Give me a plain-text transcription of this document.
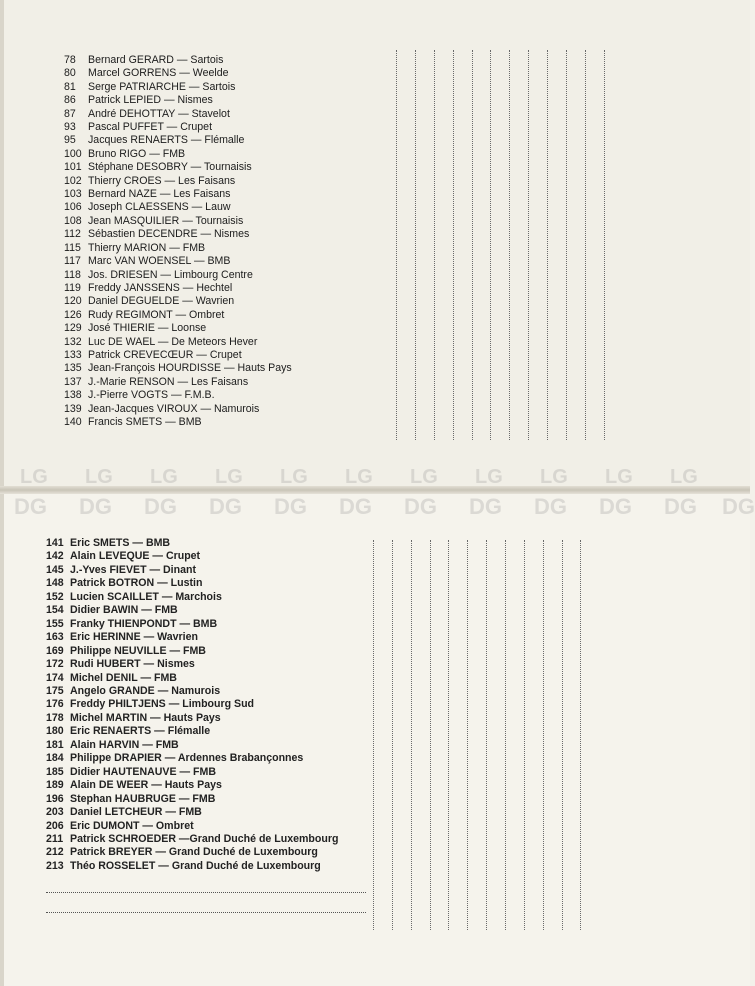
LG LG LG LG LG LG LG LG LG LG LG
DG DG DG DG DG DG DG DG DG DG DG DG
78 Bernard GERARD — Sartois
80 Marcel GORRENS — Weelde
81 Serge PATRIARCHE — Sartois
86 Patrick LEPIED — Nismes
87 André DEHOTTAY — Stavelot
93 Pascal PUFFET — Crupet
95 Jacques RENAERTS — Flémalle
100 Bruno RIGO — FMB
101 Stéphane DESOBRY — Tournaisis
102 Thierry CROES — Les Faisans
103 Bernard NAZE — Les Faisans
106 Joseph CLAESSENS — Lauw
108 Jean MASQUILIER — Tournaisis
112 Sébastien DECENDRE — Nismes
115 Thierry MARION — FMB
117 Marc VAN WOENSEL — BMB
118 Jos. DRIESEN — Limbourg Centre
119 Freddy JANSSENS — Hechtel
120 Daniel DEGUELDE — Wavrien
126 Rudy REGIMONT — Ombret
129 José THIERIE — Loonse
132 Luc DE WAEL — De Meteors Hever
133 Patrick CREVECŒUR — Crupet
135 Jean-François HOURDISSE — Hauts Pays
137 J.-Marie RENSON — Les Faisans
138 J.-Pierre VOGTS — F.M.B.
139 Jean-Jacques VIROUX — Namurois
140 Francis SMETS — BMB
141 Eric SMETS — BMB
142 Alain LEVEQUE — Crupet
145 J.-Yves FIEVET — Dinant
148 Patrick BOTRON — Lustin
152 Lucien SCAILLET — Marchois
154 Didier BAWIN — FMB
155 Franky THIENPONDT — BMB
163 Eric HERINNE — Wavrien
169 Philippe NEUVILLE — FMB
172 Rudi HUBERT — Nismes
174 Michel DENIL — FMB
175 Angelo GRANDE — Namurois
176 Freddy PHILTJENS — Limbourg Sud
178 Michel MARTIN — Hauts Pays
180 Eric RENAERTS — Flémalle
181 Alain HARVIN — FMB
184 Philippe DRAPIER — Ardennes Brabançonnes
185 Didier HAUTENAUVE — FMB
189 Alain DE WEER — Hauts Pays
196 Stephan HAUBRUGE — FMB
203 Daniel LETCHEUR — FMB
206 Eric DUMONT — Ombret
211 Patrick SCHROEDER —Grand Duché de Luxembourg
212 Patrick BREYER — Grand Duché de Luxembourg
213 Théo ROSSELET — Grand Duché de Luxembourg
